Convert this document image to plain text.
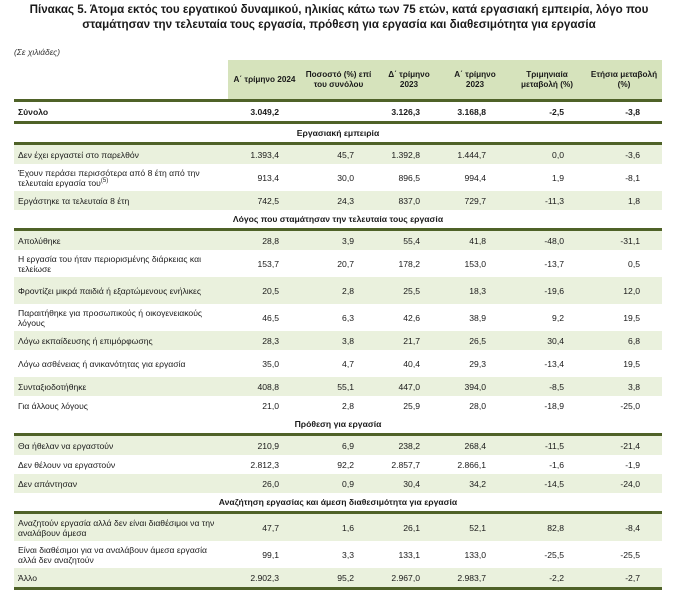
Πίνακας 5. Άτομα εκτός του εργατικού δυναμικού, ηλικίας κάτω των 75 ετών, κατά εργασιακή εμπειρία, λόγο που σταμάτησαν την τελευταία τους εργασία, πρόθεση για εργασία και διαθεσιμότητα για εργασία
(Σε χιλιάδες)
	Α΄ τρίμηνο 2024	Ποσοστό (%) επί του συνόλου	Δ΄ τρίμηνο 2023	Α΄ τρίμηνο 2023	Τριμηνιαία μεταβολή (%)	Ετήσια μεταβολή (%)
Σύνολο	3.049,2		3.126,3	3.168,8	-2,5	-3,8
Εργασιακή εμπειρία						
Δεν έχει εργαστεί στο παρελθόν	1.393,4	45,7	1.392,8	1.444,7	0,0	-3,6
Έχουν περάσει περισσότερα από 8 έτη από την τελευταία εργασία του$^{(5)}$	913,4	30,0	896,5	994,4	1,9	-8,1
Εργάστηκε τα τελευταία 8 έτη	742,5	24,3	837,0	729,7	-11,3	1,8
Λόγος που σταμάτησαν την τελευταία τους εργασία						
Απολύθηκε	28,8	3,9	55,4	41,8	-48,0	-31,1
Η εργασία του ήταν περιορισμένης διάρκειας και τελείωσε	153,7	20,7	178,2	153,0	-13,7	0,5
Φροντίζει μικρά παιδιά ή εξαρτώμενους ενήλικες	20,5	2,8	25,5	18,3	-19,6	12,0
Παραιτήθηκε για προσωπικούς ή οικογενειακούς λόγους	46,5	6,3	42,6	38,9	9,2	19,5
Λόγω εκπαίδευσης ή επιμόρφωσης	28,3	3,8	21,7	26,5	30,4	6,8
Λόγω ασθένειας ή ανικανότητας για εργασία	35,0	4,7	40,4	29,3	-13,4	19,5
Συνταξιοδοτήθηκε	408,8	55,1	447,0	394,0	-8,5	3,8
Για άλλους λόγους	21,0	2,8	25,9	28,0	-18,9	-25,0
Πρόθεση για εργασία						
Θα ήθελαν να εργαστούν	210,9	6,9	238,2	268,4	-11,5	-21,4
Δεν θέλουν να εργαστούν	2.812,3	92,2	2.857,7	2.866,1	-1,6	-1,9
Δεν απάντησαν	26,0	0,9	30,4	34,2	-14,5	-24,0
Αναζήτηση εργασίας και άμεση διαθεσιμότητα για εργασία						
Αναζητούν εργασία αλλά δεν είναι διαθέσιμοι να την αναλάβουν άμεσα	47,7	1,6	26,1	52,1	82,8	-8,4
Είναι διαθέσιμοι για να αναλάβουν άμεσα εργασία αλλά δεν αναζητούν	99,1	3,3	133,1	133,0	-25,5	-25,5
Άλλο	2.902,3	95,2	2.967,0	2.983,7	-2,2	-2,7
